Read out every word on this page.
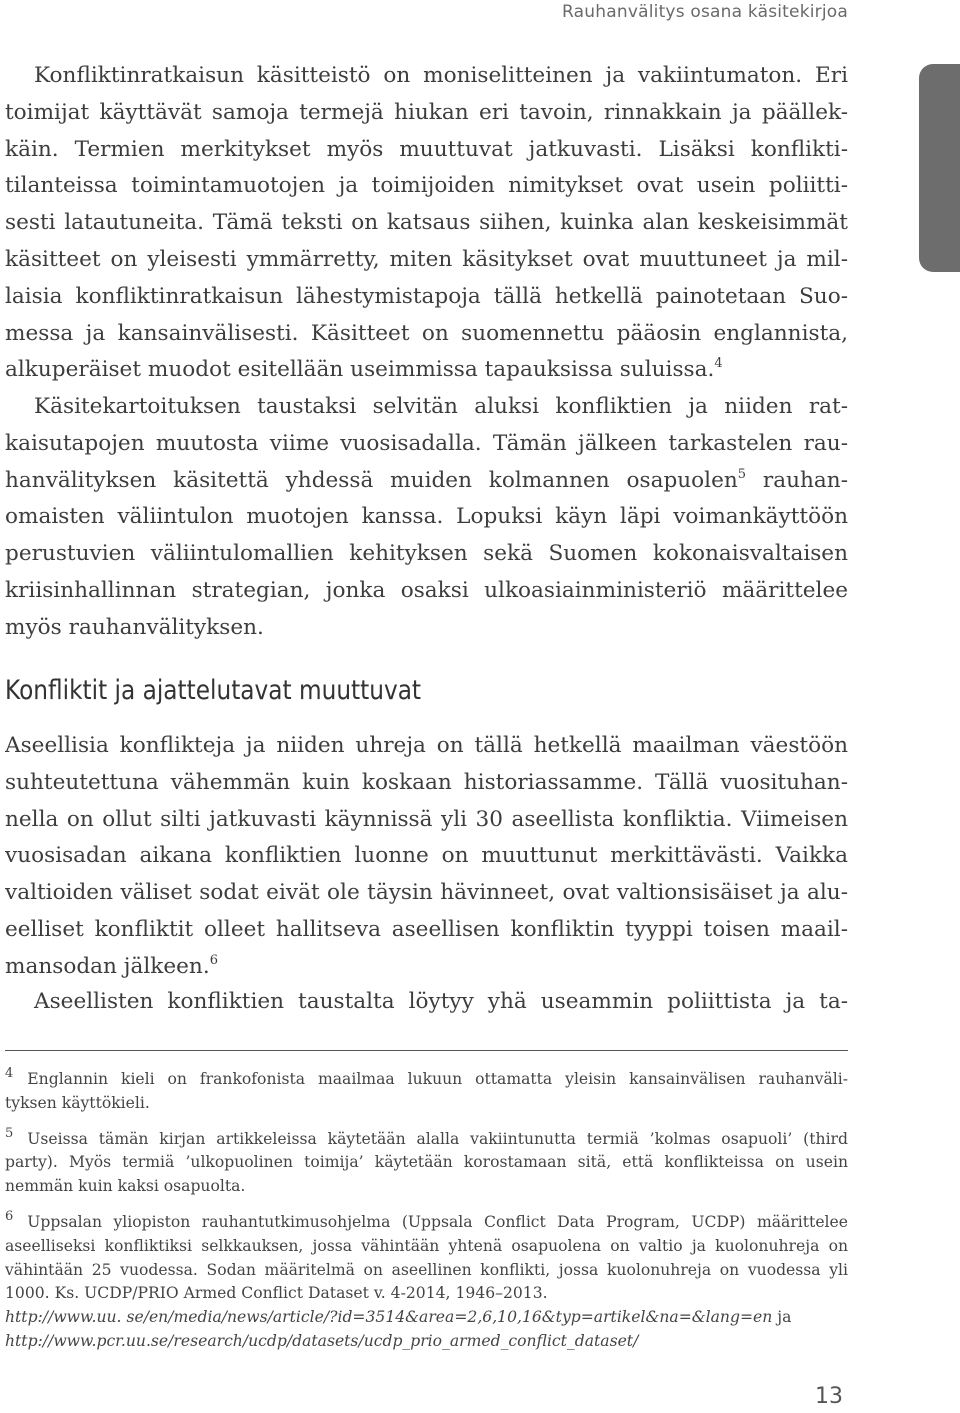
Rauhanvälitys osana käsitekirjoa
Konfliktinratkaisun käsitteistö on moniselitteinen ja vakiintumaton. Eri
toimijat käyttävät samoja termejä hiukan eri tavoin, rinnakkain ja päällek-
käin. Termien merkitykset myös muuttuvat jatkuvasti. Lisäksi konflikti-
tilanteissa toimintamuotojen ja toimijoiden nimitykset ovat usein poliitti-
sesti latautuneita. Tämä teksti on katsaus siihen, kuinka alan keskeisimmät
käsitteet on yleisesti ymmärretty, miten käsitykset ovat muuttuneet ja mil-
laisia konfliktinratkaisun lähestymistapoja tällä hetkellä painotetaan Suo-
messa ja kansainvälisesti. Käsitteet on suomennettu pääosin englannista,
alkuperäiset muodot esitellään useimmissa tapauksissa suluissa.$^4$
Käsitekartoituksen taustaksi selvitän aluksi konfliktien ja niiden rat-
kaisutapojen muutosta viime vuosisadalla. Tämän jälkeen tarkastelen rau-
hanvälityksen käsitettä yhdessä muiden kolmannen osapuolen$^5$ rauhan-
omaisten väliintulon muotojen kanssa. Lopuksi käyn läpi voimankäyttöön
perustuvien väliintulomallien kehityksen sekä Suomen kokonaisvaltaisen
kriisinhallinnan strategian, jonka osaksi ulkoasiainministeriö määrittelee
myös rauhanvälityksen.
Konfliktit ja ajattelutavat muuttuvat
Aseellisia konflikteja ja niiden uhreja on tällä hetkellä maailman väestöön
suhteutettuna vähemmän kuin koskaan historiassamme. Tällä vuosituhan-
nella on ollut silti jatkuvasti käynnissä yli 30 aseellista konfliktia. Viimeisen
vuosisadan aikana konfliktien luonne on muuttunut merkittävästi. Vaikka
valtioiden väliset sodat eivät ole täysin hävinneet, ovat valtionsisäiset ja alu-
eelliset konfliktit olleet hallitseva aseellisen konfliktin tyyppi toisen maail-
mansodan jälkeen.$^6$
Aseellisten konfliktien taustalta löytyy yhä useammin poliittista ja ta-

$^4$ Englannin kieli on frankofonista maailmaa lukuun ottamatta yleisin kansainvälisen rauhanväli-
tyksen käyttökieli.

$^5$ Useissa tämän kirjan artikkeleissa käytetään alalla vakiintunutta termiä ’kolmas osapuoli’ (third
party). Myös termiä ’ulkopuolinen toimija’ käytetään korostamaan sitä, että konflikteissa on usein
nemmän kuin kaksi osapuolta.

$^6$ Uppsalan yliopiston rauhantutkimusohjelma (Uppsala Conflict Data Program, UCDP) määrittelee
aseelliseksi konfliktiksi selkkauksen, jossa vähintään yhtenä osapuolena on valtio ja kuolonuhreja on
vähintään 25 vuodessa. Sodan määritelmä on aseellinen konflikti, jossa kuolonuhreja on vuodessa yli
1000. Ks. UCDP/PRIO Armed Conflict Dataset v. 4-2014, 1946–2013.
http://www.uu. se/en/media/news/article/?id=3514&area=2,6,10,16&typ=artikel&na=&lang=en ja
http://www.pcr.uu.se/research/ucdp/datasets/ucdp_prio_armed_conflict_dataset/

13
